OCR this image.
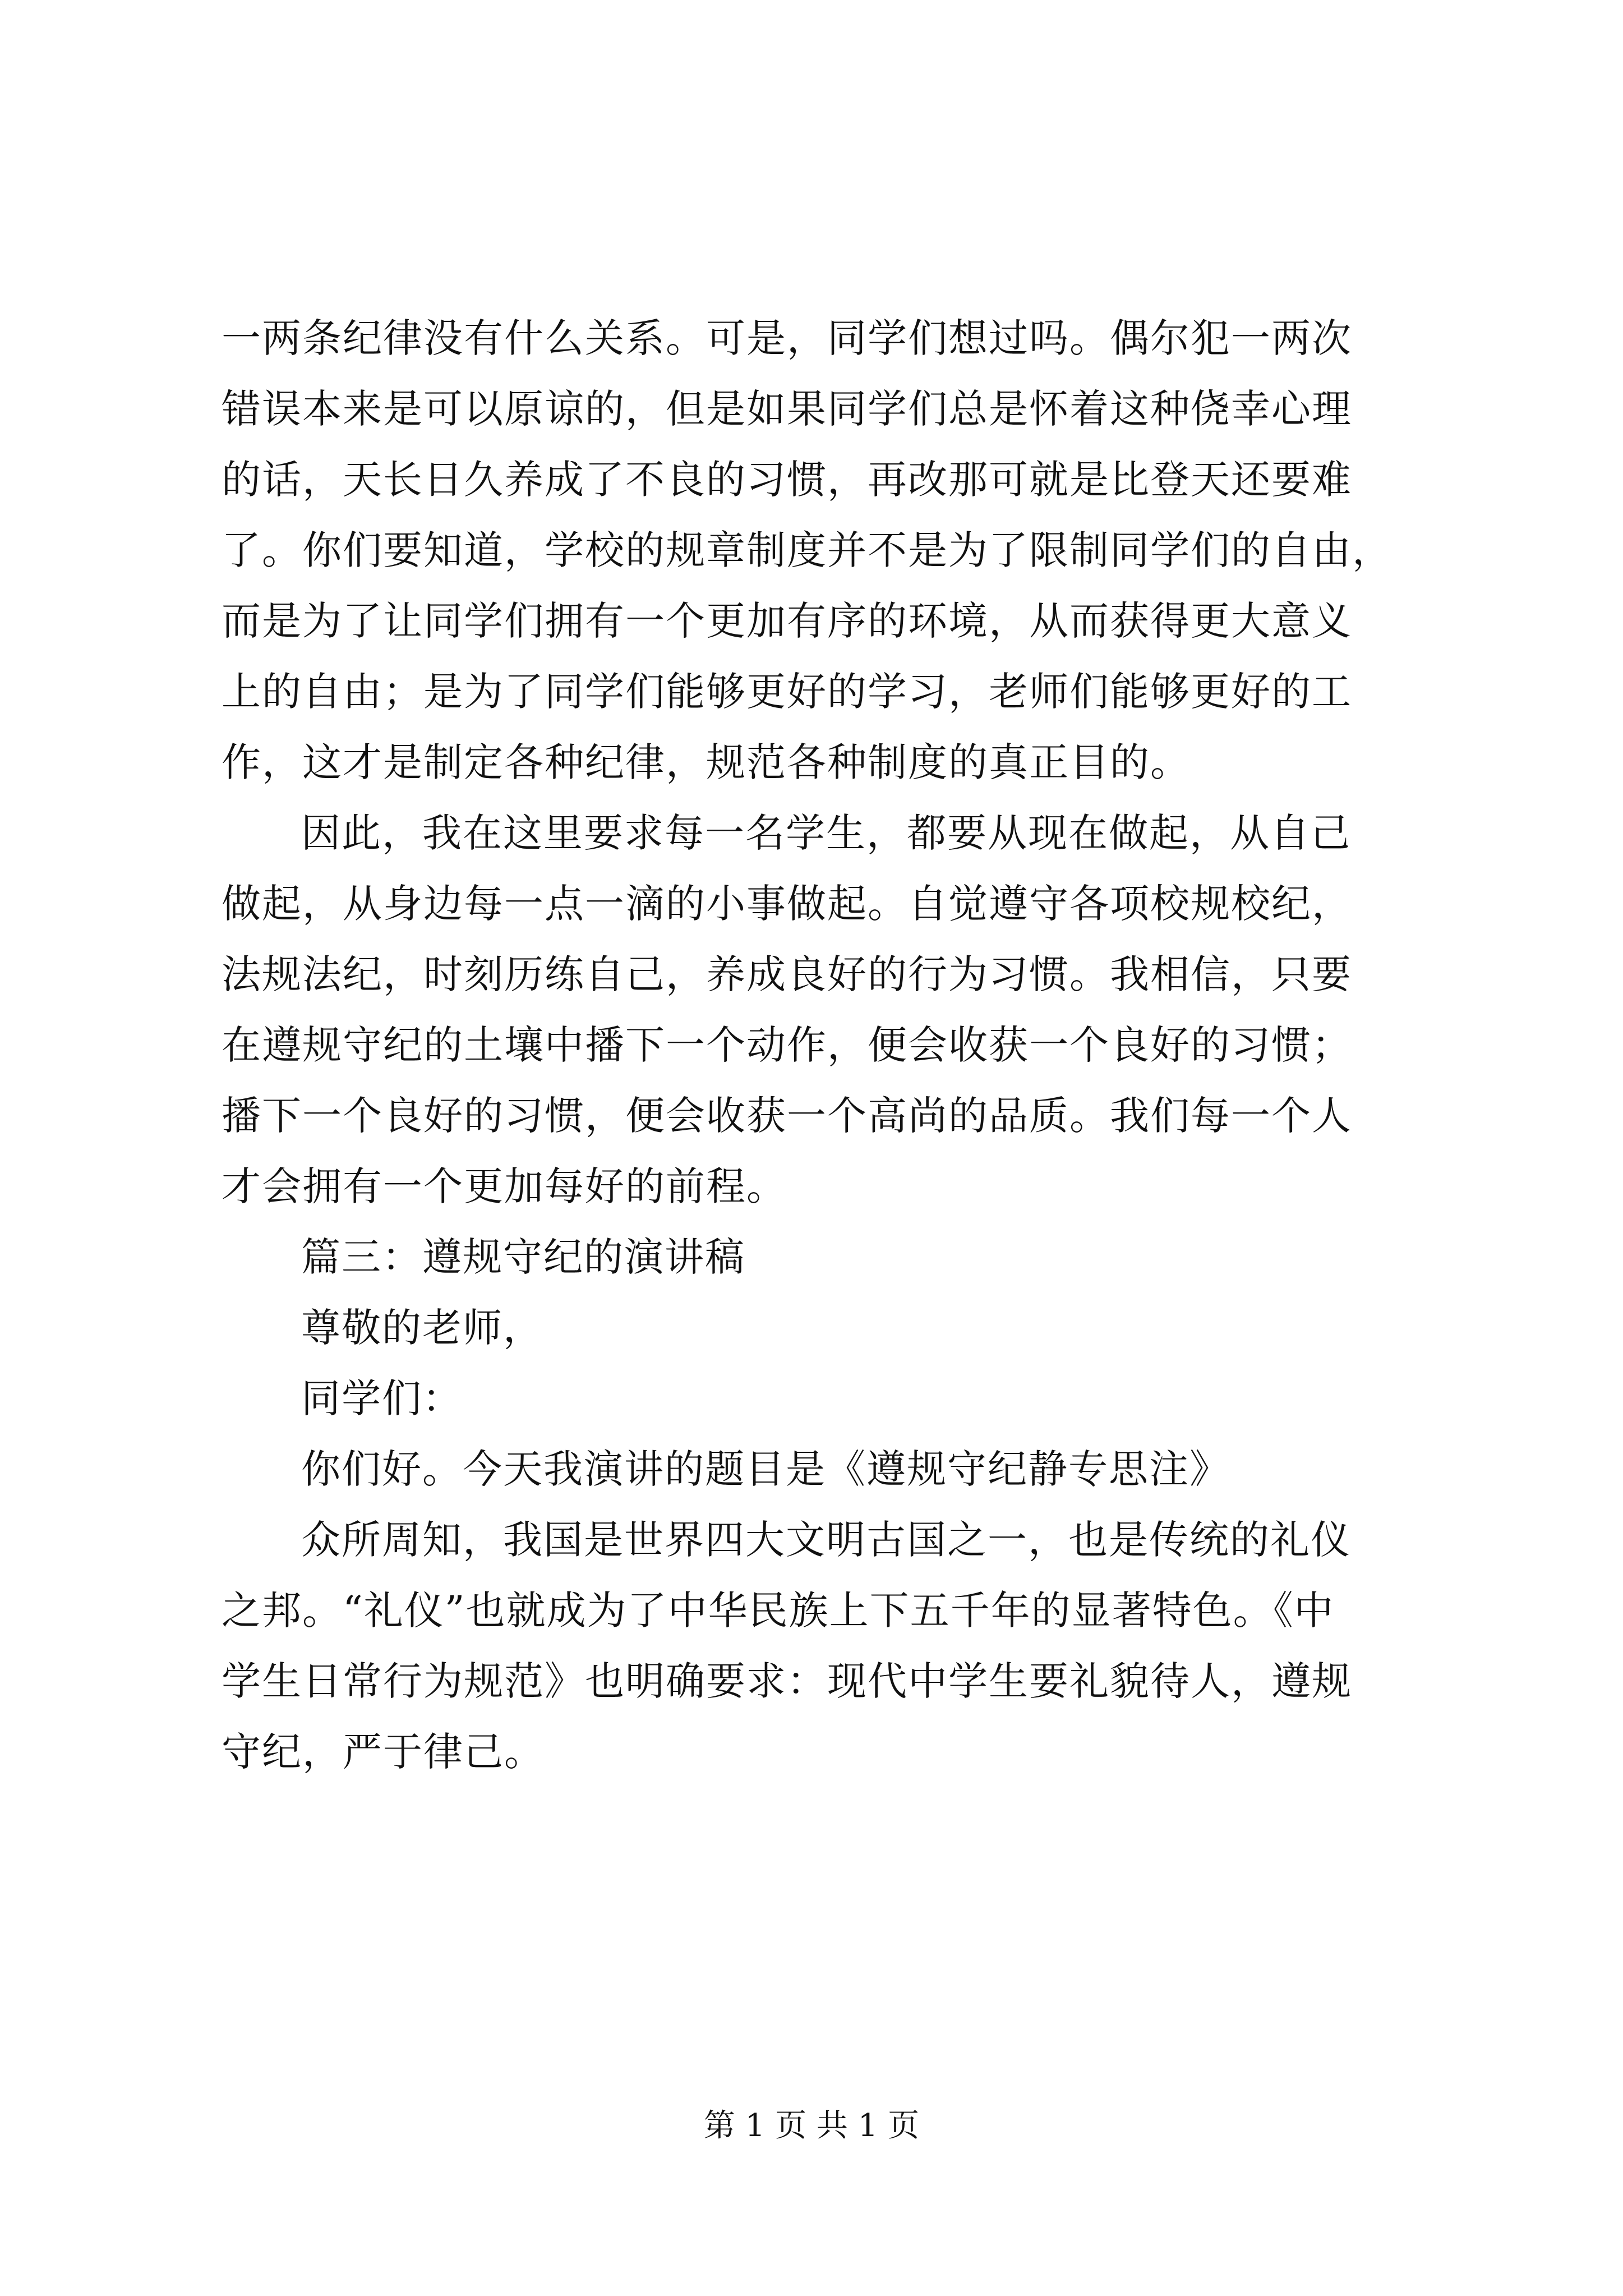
一两条纪律没有什么关系。可是，同学们想过吗。偶尔犯一两次
错误本来是可以原谅的，但是如果同学们总是怀着这种侥幸心理
的话，天长日久养成了不良的习惯，再改那可就是比登天还要难
了。你们要知道，学校的规章制度并不是为了限制同学们的自由，
而是为了让同学们拥有一个更加有序的环境，从而获得更大意义
上的自由；是为了同学们能够更好的学习，老师们能够更好的工
作，这才是制定各种纪律，规范各种制度的真正目的。
因此，我在这里要求每一名学生，都要从现在做起，从自己
做起，从身边每一点一滴的小事做起。自觉遵守各项校规校纪，
法规法纪，时刻历练自己，养成良好的行为习惯。我相信，只要
在遵规守纪的土壤中播下一个动作，便会收获一个良好的习惯；
播下一个良好的习惯，便会收获一个高尚的品质。我们每一个人
才会拥有一个更加每好的前程。
篇三：遵规守纪的演讲稿
尊敬的老师，
同学们：
你们好。今天我演讲的题目是《遵规守纪静专思注》
众所周知，我国是世界四大文明古国之一，也是传统的礼仪
之邦。“礼仪”也就成为了中华民族上下五千年的显著特色。《中
学生日常行为规范》也明确要求：现代中学生要礼貌待人，遵规
守纪，严于律己。
第 1 页 共 1 页
